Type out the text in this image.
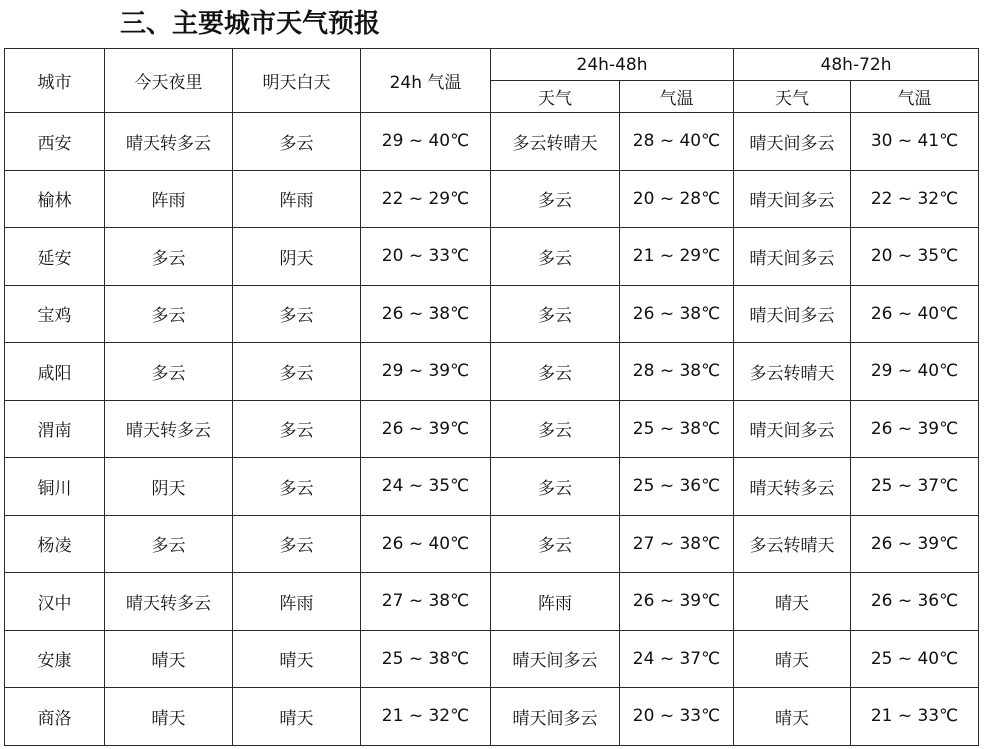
三、主要城市天气预报
城市	今天夜里	明天白天	24h 气温	24h-48h		48h-72h	
				天气	气温	天气	气温
西安	晴天转多云	多云	29 ~ 40℃	多云转晴天	28 ~ 40℃	晴天间多云	30 ~ 41℃
榆林	阵雨	阵雨	22 ~ 29℃	多云	20 ~ 28℃	晴天间多云	22 ~ 32℃
延安	多云	阴天	20 ~ 33℃	多云	21 ~ 29℃	晴天间多云	20 ~ 35℃
宝鸡	多云	多云	26 ~ 38℃	多云	26 ~ 38℃	晴天间多云	26 ~ 40℃
咸阳	多云	多云	29 ~ 39℃	多云	28 ~ 38℃	多云转晴天	29 ~ 40℃
渭南	晴天转多云	多云	26 ~ 39℃	多云	25 ~ 38℃	晴天间多云	26 ~ 39℃
铜川	阴天	多云	24 ~ 35℃	多云	25 ~ 36℃	晴天转多云	25 ~ 37℃
杨凌	多云	多云	26 ~ 40℃	多云	27 ~ 38℃	多云转晴天	26 ~ 39℃
汉中	晴天转多云	阵雨	27 ~ 38℃	阵雨	26 ~ 39℃	晴天	26 ~ 36℃
安康	晴天	晴天	25 ~ 38℃	晴天间多云	24 ~ 37℃	晴天	25 ~ 40℃
商洛	晴天	晴天	21 ~ 32℃	晴天间多云	20 ~ 33℃	晴天	21 ~ 33℃
